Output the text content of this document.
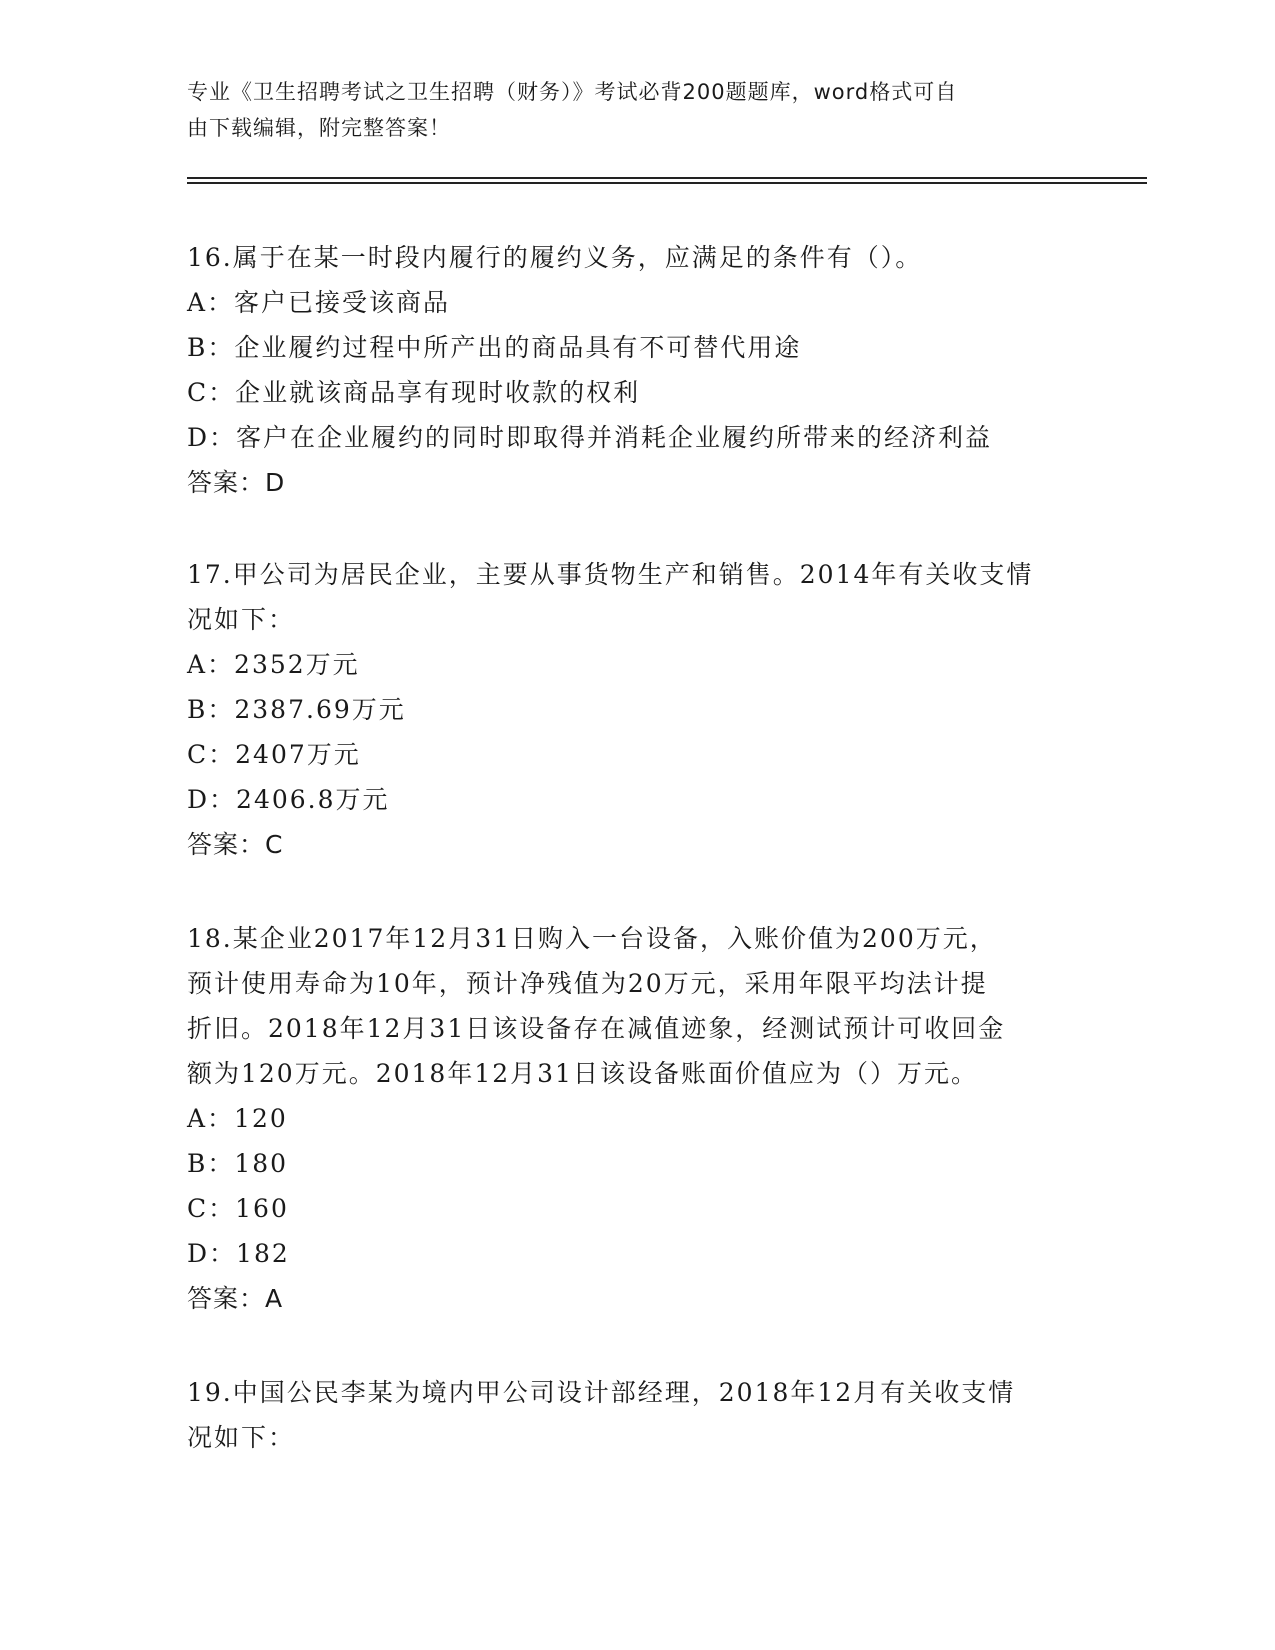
专业《卫生招聘考试之卫生招聘（财务）》考试必背200题题库，word格式可自
由下载编辑，附完整答案！
16.属于在某一时段内履行的履约义务，应满足的条件有（）。
A：客户已接受该商品
B：企业履约过程中所产出的商品具有不可替代用途
C：企业就该商品享有现时收款的权利
D：客户在企业履约的同时即取得并消耗企业履约所带来的经济利益
答案：D
17.甲公司为居民企业，主要从事货物生产和销售。2014年有关收支情
况如下：
A：2352万元
B：2387.69万元
C：2407万元
D：2406.8万元
答案：C
18.某企业2017年12月31日购入一台设备，入账价值为200万元，
预计使用寿命为10年，预计净残值为20万元，采用年限平均法计提
折旧。2018年12月31日该设备存在减值迹象，经测试预计可收回金
额为120万元。2018年12月31日该设备账面价值应为（）万元。
A：120
B：180
C：160
D：182
答案：A
19.中国公民李某为境内甲公司设计部经理，2018年12月有关收支情
况如下：
